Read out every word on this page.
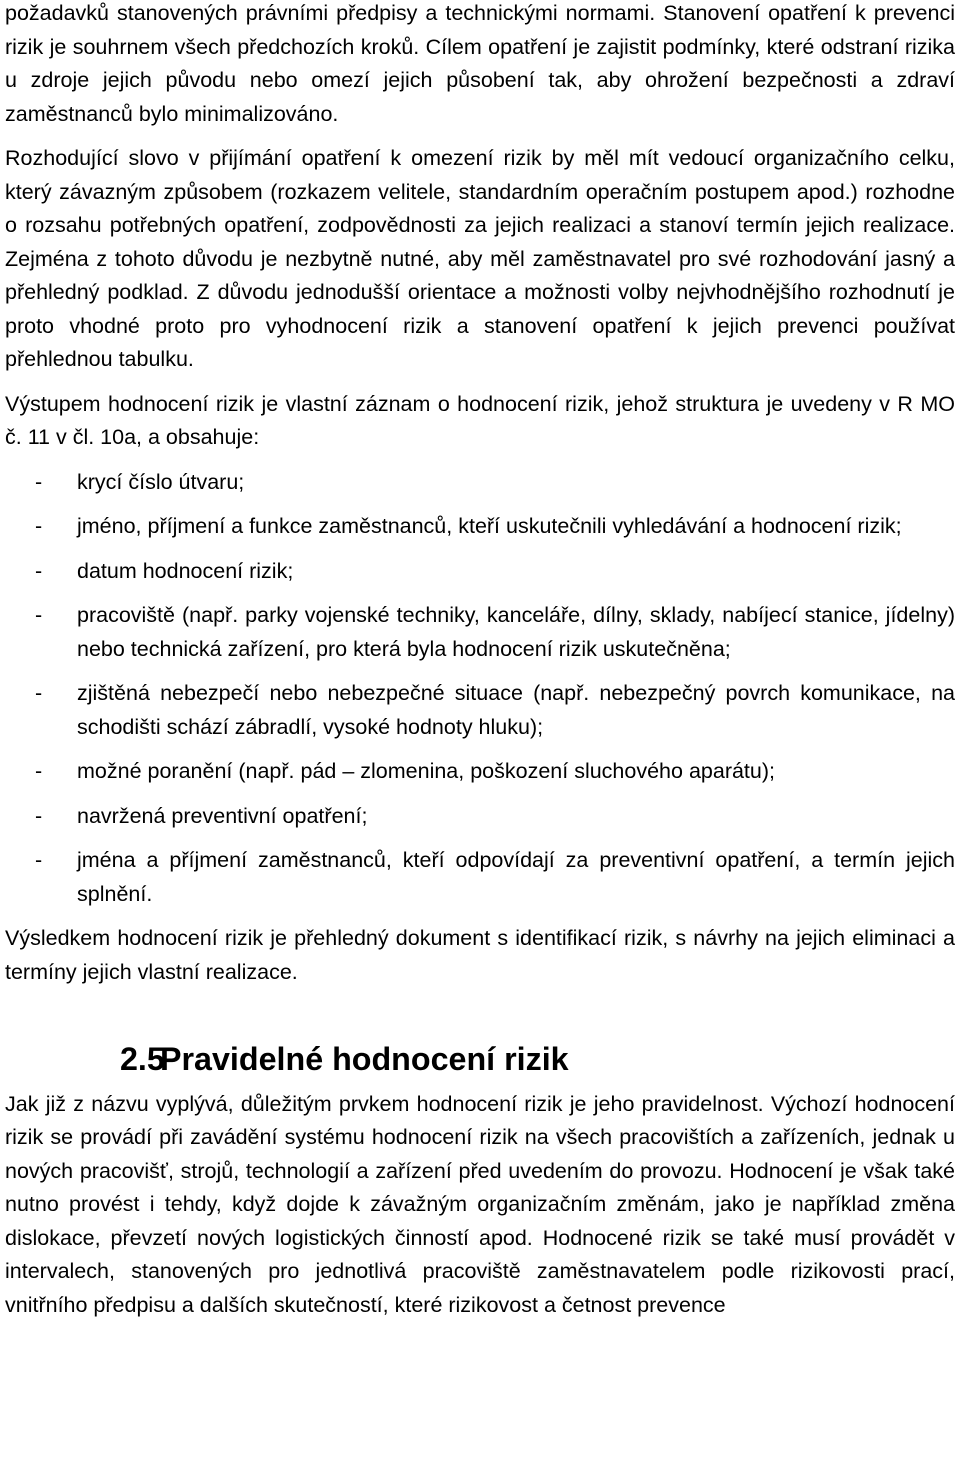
požadavků stanovených právními předpisy a technickými normami. Stanovení opatření k prevenci rizik je souhrnem všech předchozích kroků. Cílem opatření je zajistit podmínky, které odstraní rizika u zdroje jejich původu nebo omezí jejich působení tak, aby ohrožení bezpečnosti a zdraví zaměstnanců bylo minimalizováno.

Rozhodující slovo v přijímání opatření k omezení rizik by měl mít vedoucí organizačního celku, který závazným způsobem (rozkazem velitele, standardním operačním postupem apod.) rozhodne o rozsahu potřebných opatření, zodpovědnosti za jejich realizaci a stanoví termín jejich realizace. Zejména z tohoto důvodu je nezbytně nutné, aby měl zaměstnavatel pro své rozhodování jasný a přehledný podklad. Z důvodu jednodušší orientace a možnosti volby nejvhodnějšího rozhodnutí je proto vhodné proto pro vyhodnocení rizik a stanovení opatření k jejich prevenci používat přehlednou tabulku.

Výstupem hodnocení rizik je vlastní záznam o hodnocení rizik, jehož struktura je uvedeny v R MO č. 11 v čl. 10a, a obsahuje:

- krycí číslo útvaru;
- jméno, příjmení a funkce zaměstnanců, kteří uskutečnili vyhledávání a hodnocení rizik;
- datum hodnocení rizik;
- pracoviště (např. parky vojenské techniky, kanceláře, dílny, sklady, nabíjecí stanice, jídelny) nebo technická zařízení, pro která byla hodnocení rizik uskutečněna;
- zjištěná nebezpečí nebo nebezpečné situace (např. nebezpečný povrch komunikace, na schodišti schází zábradlí, vysoké hodnoty hluku);
- možné poranění (např. pád – zlomenina, poškození sluchového aparátu);
- navržená preventivní opatření;
- jména a příjmení zaměstnanců, kteří odpovídají za preventivní opatření, a termín jejich splnění.

Výsledkem hodnocení rizik je přehledný dokument s identifikací rizik, s návrhy na jejich eliminaci a termíny jejich vlastní realizace.

2.5Pravidelné hodnocení rizik

Jak již z názvu vyplývá, důležitým prvkem hodnocení rizik je jeho pravidelnost. Výchozí hodnocení rizik se provádí při zavádění systému hodnocení rizik na všech pracovištích a zařízeních, jednak u nových pracovišť, strojů, technologií a zařízení před uvedením do provozu. Hodnocení je však také nutno provést i tehdy, když dojde k závažným organizačním změnám, jako je například změna dislokace, převzetí nových logistických činností apod. Hodnocené rizik se také musí provádět v intervalech, stanovených pro jednotlivá pracoviště zaměstnavatelem podle rizikovosti prací, vnitřního předpisu a dalších skutečností, které rizikovost a četnost prevence
